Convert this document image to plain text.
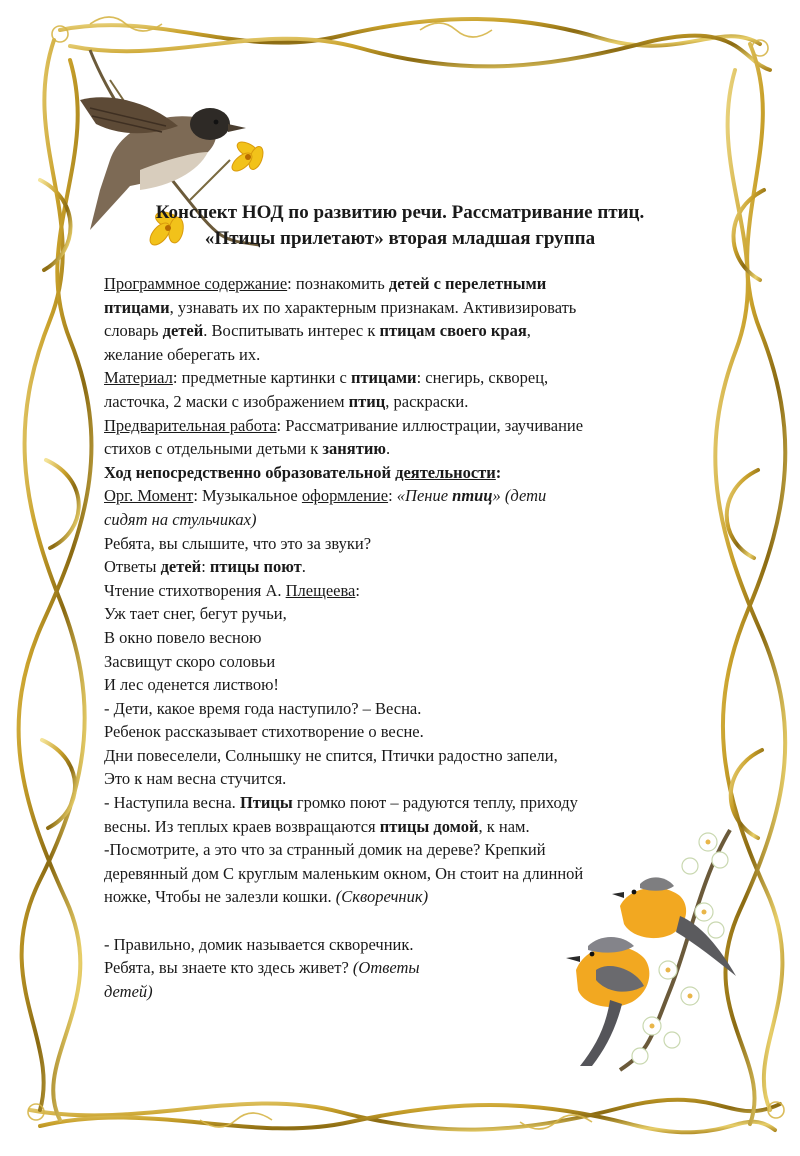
Конспект НОД по развитию речи. Рассматривание птиц.
«Птицы прилетают» вторая младшая группа
Программное содержание: познакомить детей с перелетными
птицами, узнавать их по характерным признакам. Активизировать
словарь детей. Воспитывать интерес к птицам своего края,
желание оберегать их.
Материал: предметные картинки с птицами: снегирь, скворец,
ласточка, 2 маски с изображением птиц, раскраски.
Предварительная работа: Рассматривание иллюстрации, заучивание
стихов с отдельными детьми к занятию.
Ход непосредственно образовательной деятельности:
Орг. Момент: Музыкальное оформление: «Пение птиц» (дети
сидят на стульчиках)
Ребята, вы слышите, что это за звуки?
Ответы детей: птицы поют.
Чтение стихотворения А. Плещеева:
Уж тает снег, бегут ручьи,
В окно повело весною
Засвищут скоро соловьи
И лес оденется листвою!
- Дети, какое время года наступило? – Весна.
Ребенок рассказывает стихотворение о весне.
Дни повеселели, Солнышку не спится, Птички радостно запели,
Это к нам весна стучится.
- Наступила весна. Птицы громко поют – радуются теплу, приходу
весны. Из теплых краев возвращаются птицы домой, к нам.
-Посмотрите, а это что за странный домик на дереве? Крепкий
деревянный дом С круглым маленьким окном, Он стоит на длинной
ножке, Чтобы не залезли кошки. (Скворечник)
- Правильно, домик называется скворечник.
Ребята, вы знаете кто здесь живет? (Ответы
детей)
